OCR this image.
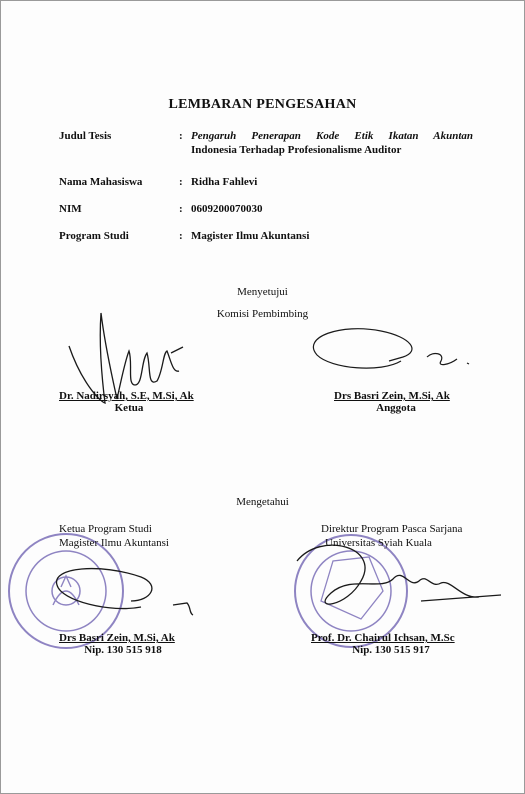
LEMBARAN PENGESAHAN
Judul Tesis	: Pengaruh Penerapan Kode Etik Ikatan Akuntan
Indonesia Terhadap Profesionalisme Auditor
Nama Mahasiswa	: Ridha Fahlevi
NIM	: 0609200070030
Program Studi	: Magister Ilmu Akuntansi
Menyetujui
Komisi Pembimbing
Dr. Nadirsyah, S.E, M.Si, Ak
Ketua
Drs Basri Zein, M.Si, Ak
Anggota
Mengetahui
Ketua Program Studi
Magister Ilmu Akuntansi
Drs Basri Zein, M.Si, Ak
Nip. 130 515 918
Direktur Program Pasca Sarjana
Universitas Syiah Kuala
Prof. Dr. Chairul Ichsan, M.Sc
Nip. 130 515 917
